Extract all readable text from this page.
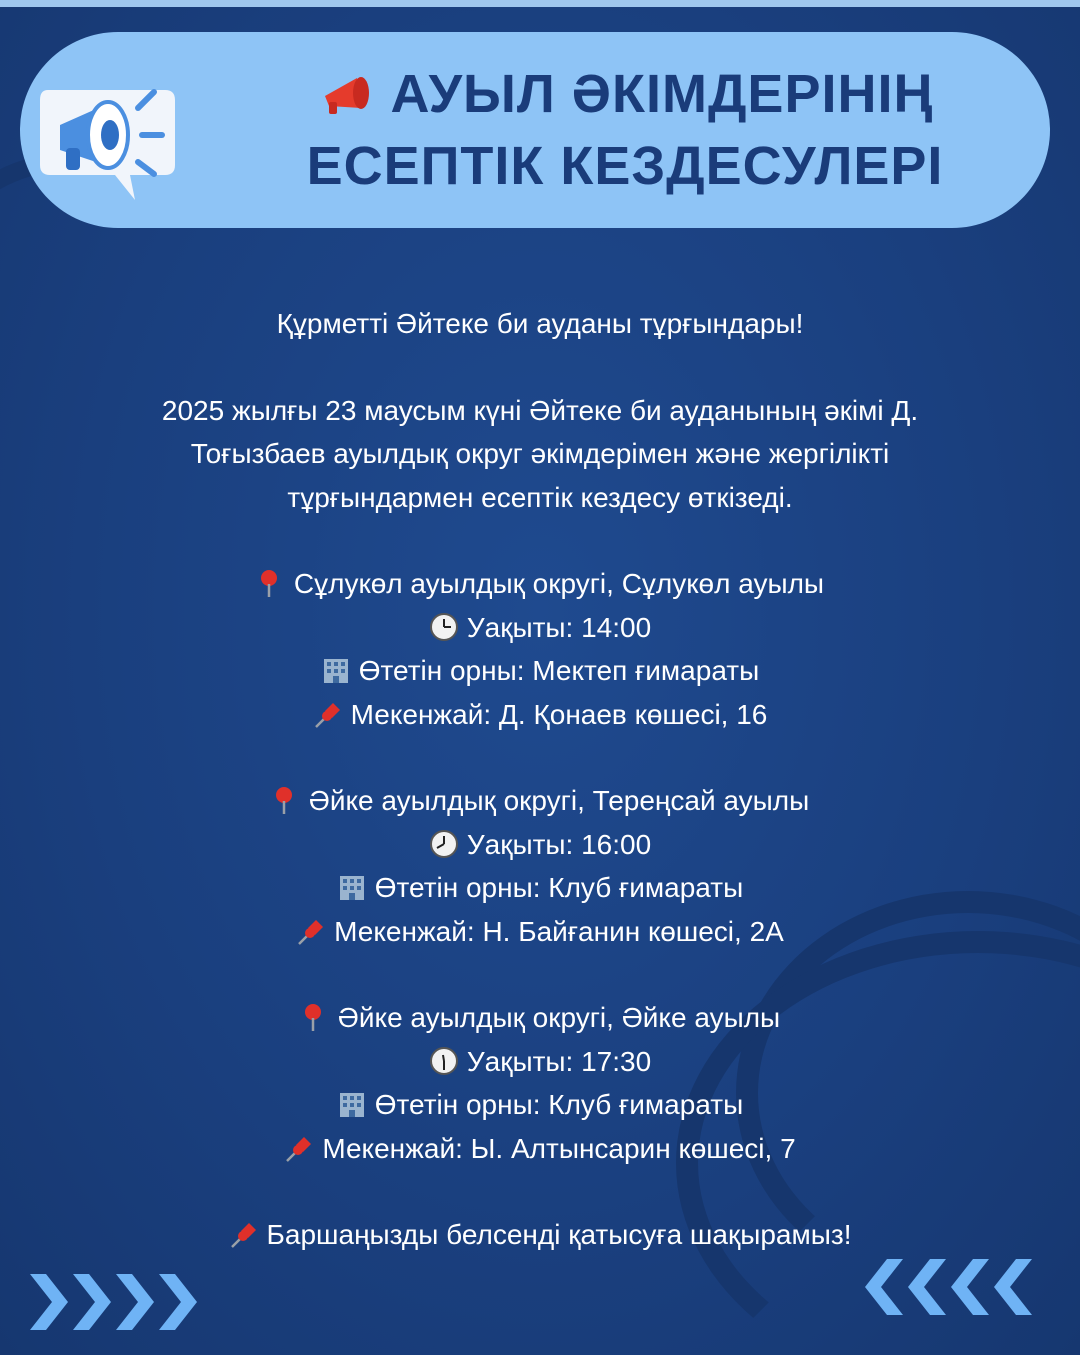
АУЫЛ ӘКІМДЕРІНІҢ
ЕСЕПТІК КЕЗДЕСУЛЕРІ

Құрметті Әйтеке би ауданы тұрғындары!

2025 жылғы 23 маусым күні Әйтеке би ауданының әкімі Д.

Тоғызбаев ауылдық округ әкімдерімен және жергілікті

тұрғындармен есептік кездесу өткізеді.

Сұлукөл ауылдық округі, Сұлукөл ауылы

Уақыты: 14:00

Өтетін орны: Мектеп ғимараты

Мекенжай: Д. Қонаев көшесі, 16

Әйке ауылдық округі, Тереңсай ауылы

Уақыты: 16:00

Өтетін орны: Клуб ғимараты

Мекенжай: Н. Байғанин көшесі, 2А

Әйке ауылдық округі, Әйке ауылы

Уақыты: 17:30

Өтетін орны: Клуб ғимараты

Мекенжай: Ы. Алтынсарин көшесі, 7

Баршаңызды белсенді қатысуға шақырамыз!
